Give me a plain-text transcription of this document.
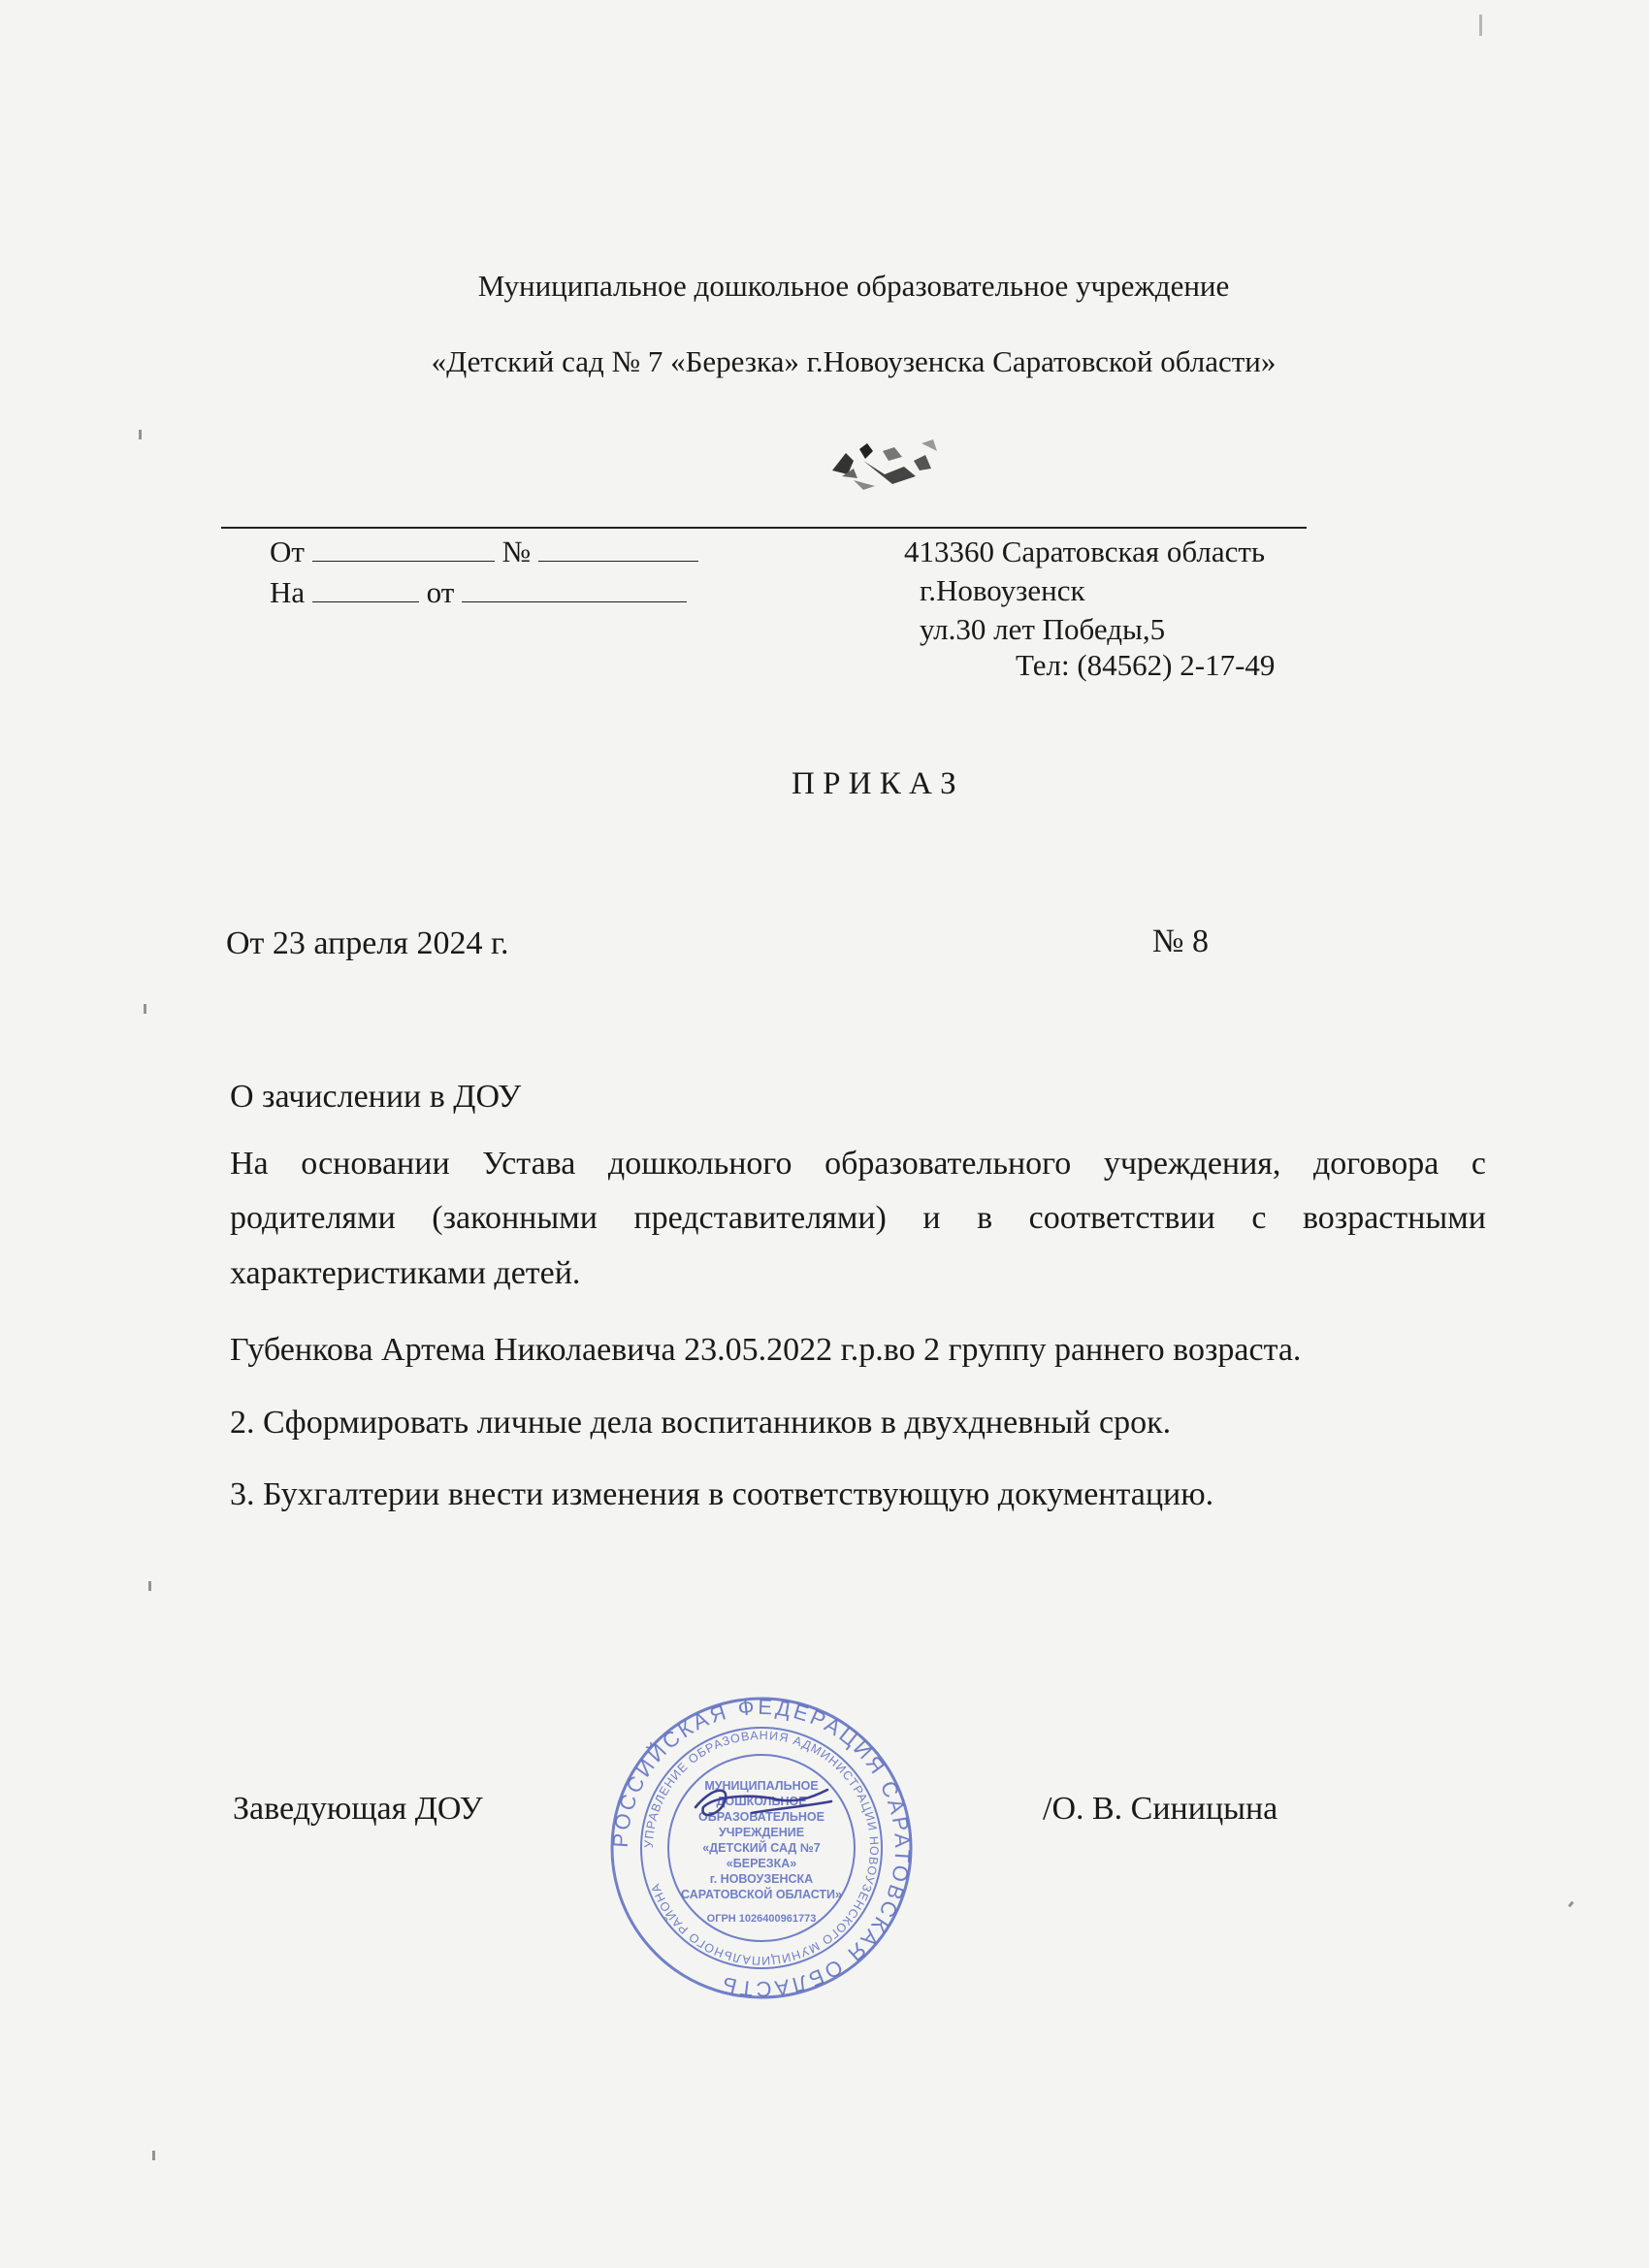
Муниципальное дошкольное образовательное учреждение
«Детский сад № 7 «Березка» г.Новоузенска Саратовской области»
От	№
На	от
413360 Саратовская область
г.Новоузенск
ул.30 лет Победы,5
Тел: (84562) 2-17-49
П Р И К А З
От 23 апреля 2024 г.	№ 8
О зачислении в ДОУ
На основании Устава дошкольного образовательного учреждения, договора с
родителями (законными представителями) и в соответствии с возрастными
характеристиками детей.
Губенкова Артема Николаевича 23.05.2022 г.р.во 2 группу раннего возраста.
2. Сформировать личные дела воспитанников в двухдневный срок.
3. Бухгалтерии внести изменения в соответствующую документацию.
Заведующая ДОУ	/О. В. Синицына
РОССИЙСКАЯ ФЕДЕРАЦИЯ САРАТОВСКАЯ ОБЛАСТЬ
УПРАВЛЕНИЕ ОБРАЗОВАНИЯ АДМИНИСТРАЦИИ НОВОУЗЕНСКОГО МУНИЦИПАЛЬНОГО РАЙОНА
МУНИЦИПАЛЬНОЕ
ДОШКОЛЬНОЕ
ОБРАЗОВАТЕЛЬНОЕ
УЧРЕЖДЕНИЕ
«ДЕТСКИЙ САД №7
«БЕРЕЗКА»
г. НОВОУЗЕНСКА
САРАТОВСКОЙ ОБЛАСТИ»
ОГРН 1026400961773
